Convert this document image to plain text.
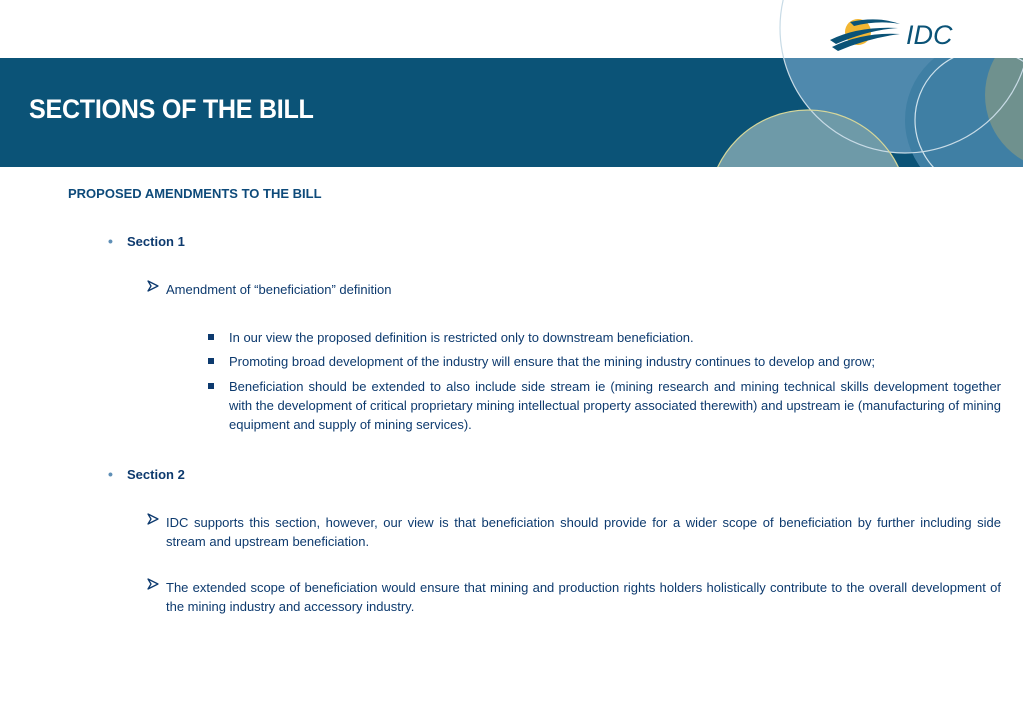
SECTIONS OF THE BILL
IDC
PROPOSED AMENDMENTS TO THE BILL
• Section 1
Amendment of “beneficiation” definition
In our view the proposed definition is restricted only to downstream beneficiation.
Promoting broad development of the industry will ensure that the mining industry continues to develop and grow;
Beneficiation should be extended to also include side stream ie (mining research and mining technical skills development together with the development of critical proprietary mining intellectual property associated therewith) and upstream ie (manufacturing of mining equipment and supply of mining services).
• Section 2
IDC supports this section, however, our view is that beneficiation should provide for a wider scope of beneficiation by further including side stream and upstream beneficiation.
The extended scope of beneficiation would ensure that mining and production rights holders holistically contribute to the overall development of the mining industry and accessory industry.
